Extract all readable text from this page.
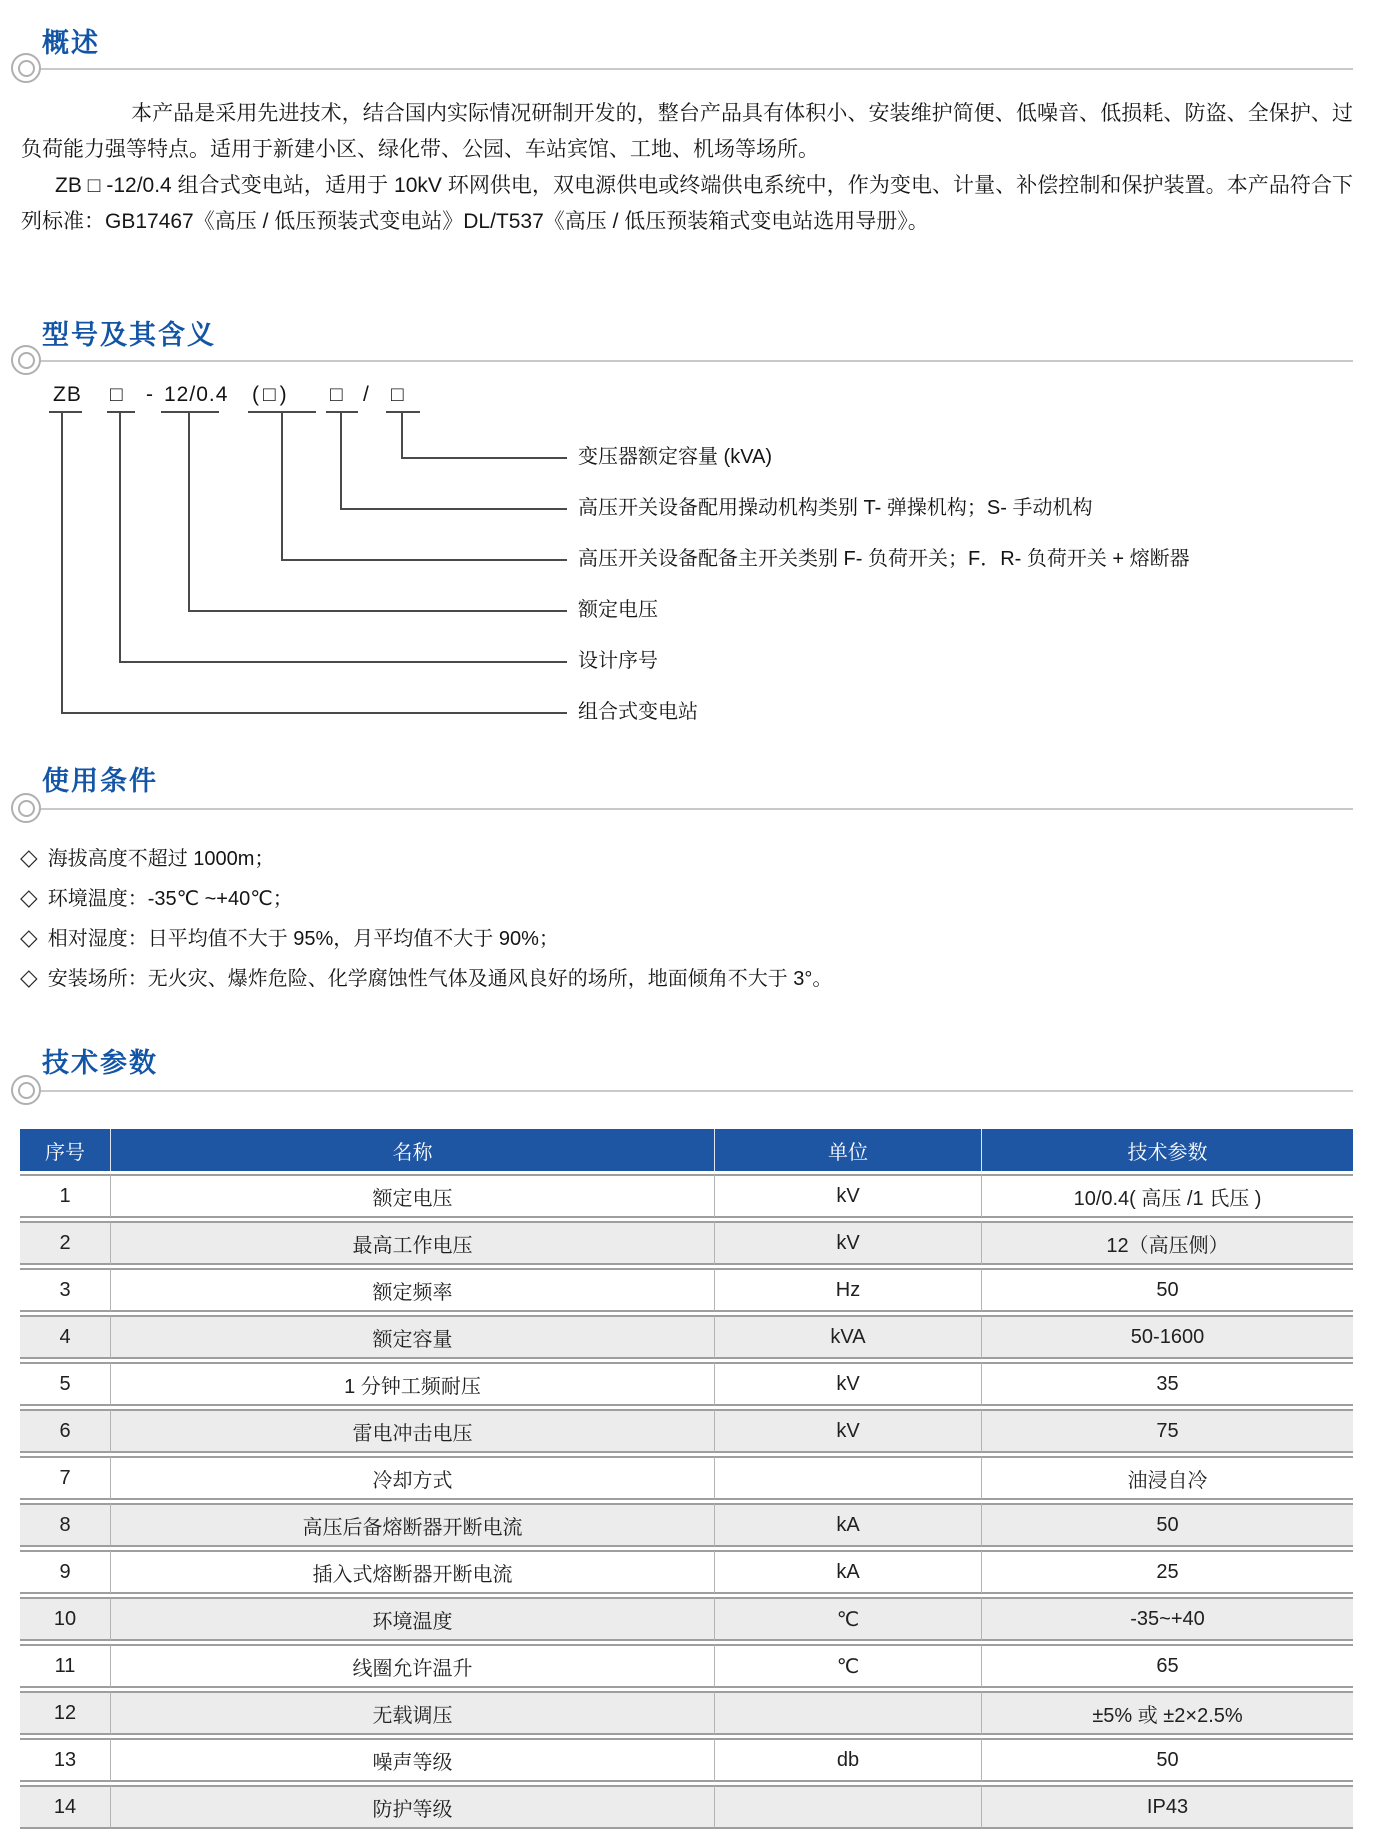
概述

本产品是采用先进技术，结合国内实际情况研制开发的，整台产品具有体积小、安装维护简便、低噪音、低损耗、防盗、全保护、过负荷能力强等特点。适用于新建小区、绿化带、公园、车站宾馆、工地、机场等场所。

ZB □ -12/0.4 组合式变电站，适用于 10kV 环网供电，双电源供电或终端供电系统中，作为变电、计量、补偿控制和保护装置。本产品符合下列标准：GB17467《高压 / 低压预装式变电站》DL/T537《高压 / 低压预装箱式变电站选用导册》。

型号及其含义
ZB □ - 12/0.4 (□) □ / □
变压器额定容量 (kVA)
高压开关设备配用操动机构类别 T- 弹操机构；S- 手动机构
高压开关设备配备主开关类别 F- 负荷开关；F．R- 负荷开关 + 熔断器
额定电压
设计序号
组合式变电站
使用条件
◇ 海拔高度不超过 1000m；
◇ 环境温度：-35℃ ~+40℃；
◇ 相对湿度：日平均值不大于 95%，月平均值不大于 90%；
◇ 安装场所：无火灾、爆炸危险、化学腐蚀性气体及通风良好的场所，地面倾角不大于 3°。
技术参数
序号	名称	单位	技术参数
1	额定电压	kV	10/0.4( 高压 /1 氏压 )
2	最高工作电压	kV	12（高压侧）
3	额定频率	Hz	50
4	额定容量	kVA	50-1600
5	1 分钟工频耐压	kV	35
6	雷电冲击电压	kV	75
7	冷却方式		油浸自冷
8	高压后备熔断器开断电流	kA	50
9	插入式熔断器开断电流	kA	25
10	环境温度	℃	-35~+40
11	线圈允许温升	℃	65
12	无载调压		±5% 或 ±2×2.5%
13	噪声等级	db	50
14	防护等级		IP43
